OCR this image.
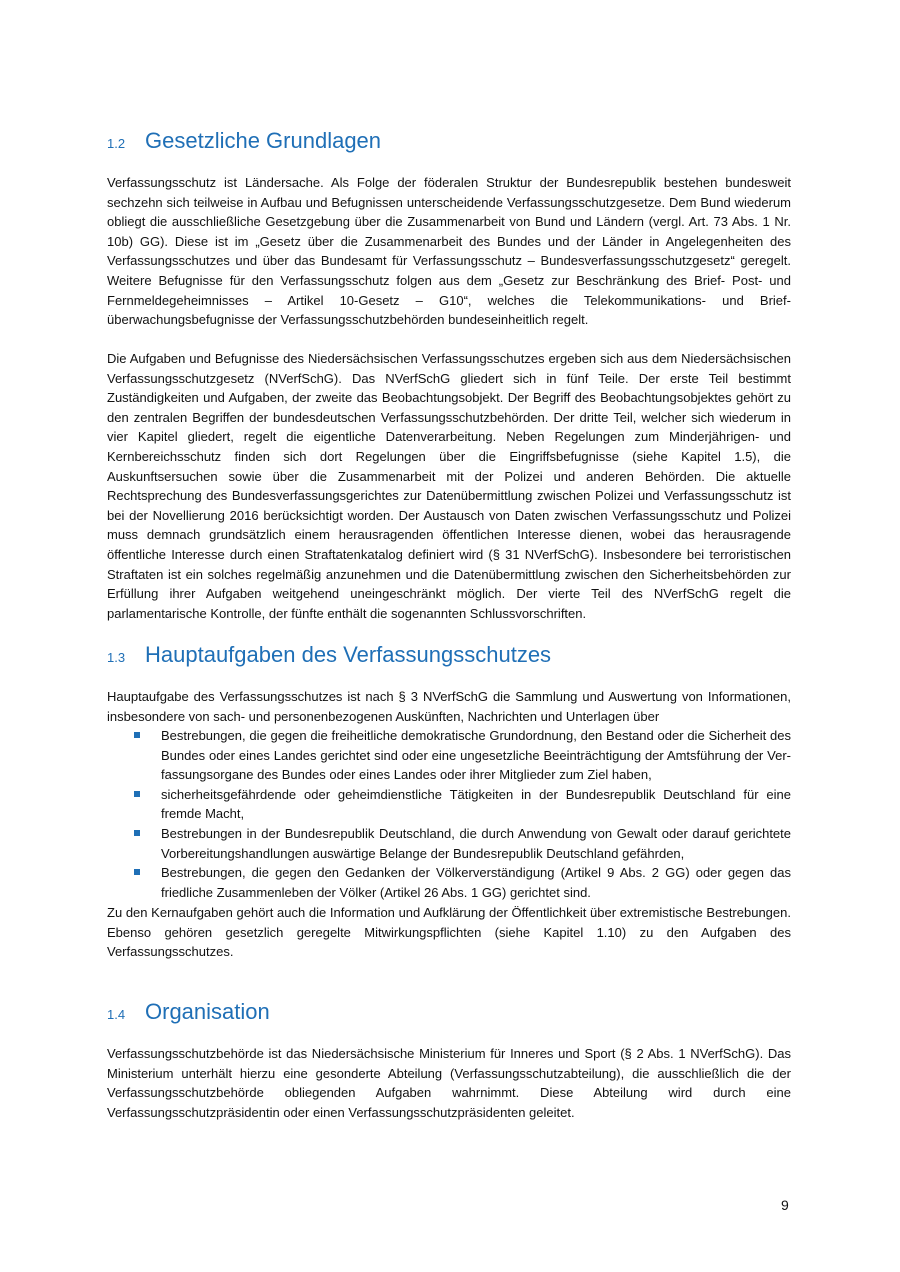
1.2 Gesetzliche Grundlagen

Verfassungsschutz ist Ländersache. Als Folge der föderalen Struktur der Bundesrepublik bestehen bundesweit sechzehn sich teilweise in Aufbau und Befugnissen unterscheidende Verfassungsschutzgesetze. Dem Bund wiederum obliegt die ausschließliche Gesetzgebung über die Zusammenarbeit von Bund und Ländern (vergl. Art. 73 Abs. 1 Nr. 10b) GG). Diese ist im „Gesetz über die Zusammenarbeit des Bundes und der Länder in Angelegenheiten des Verfassungsschutzes und über das Bundesamt für Verfassungsschutz – Bundesverfassungsschutzgesetz“ geregelt. Weitere Befugnisse für den Verfassungsschutz folgen aus dem „Gesetz zur Beschränkung des Brief- Post- und Fernmeldegeheimnisses – Artikel 10-Gesetz – G10“, welches die Telekommunikations- und Briefüberwachungsbefugnisse der Verfassungsschutzbehörden bundeseinheitlich regelt.

Die Aufgaben und Befugnisse des Niedersächsischen Verfassungsschutzes ergeben sich aus dem Niedersächsischen Verfassungsschutzgesetz (NVerfSchG). Das NVerfSchG gliedert sich in fünf Teile. Der erste Teil bestimmt Zuständigkeiten und Aufgaben, der zweite das Beobachtungsobjekt. Der Begriff des Beobachtungsobjektes gehört zu den zentralen Begriffen der bundesdeutschen Verfassungsschutzbehörden. Der dritte Teil, welcher sich wiederum in vier Kapitel gliedert, regelt die eigentliche Datenverarbeitung. Neben Regelungen zum Minderjährigen- und Kernbereichsschutz finden sich dort Regelungen über die Eingriffsbefugnisse (siehe Kapitel 1.5), die Auskunftsersuchen sowie über die Zusammenarbeit mit der Polizei und anderen Behörden. Die aktuelle Rechtsprechung des Bundesverfassungsgerichtes zur Datenübermittlung zwischen Polizei und Verfassungsschutz ist bei der Novellierung 2016 berücksichtigt worden. Der Austausch von Daten zwischen Verfassungsschutz und Polizei muss demnach grundsätzlich einem herausragenden öffentlichen Interesse dienen, wobei das herausragende öffentliche Interesse durch einen Straftatenkatalog definiert wird (§ 31 NVerfSchG). Insbesondere bei terroristischen Straftaten ist ein solches regelmäßig anzunehmen und die Datenübermittlung zwischen den Sicherheitsbehörden zur Erfüllung ihrer Aufgaben weitgehend uneingeschränkt möglich. Der vierte Teil des NVerfSchG regelt die parlamentarische Kontrolle, der fünfte enthält die sogenannten Schlussvorschriften.

1.3 Hauptaufgaben des Verfassungsschutzes

Hauptaufgabe des Verfassungsschutzes ist nach § 3 NVerfSchG die Sammlung und Auswertung von Informationen, insbesondere von sach- und personenbezogenen Auskünften, Nachrichten und Unterlagen über

Bestrebungen, die gegen die freiheitliche demokratische Grundordnung, den Bestand oder die Sicherheit des Bundes oder eines Landes gerichtet sind oder eine ungesetzliche Beeinträchtigung der Amtsführung der Verfassungsorgane des Bundes oder eines Landes oder ihrer Mitglieder zum Ziel haben,
sicherheitsgefährdende oder geheimdienstliche Tätigkeiten in der Bundesrepublik Deutschland für eine fremde Macht,
Bestrebungen in der Bundesrepublik Deutschland, die durch Anwendung von Gewalt oder darauf gerichtete Vorbereitungshandlungen auswärtige Belange der Bundesrepublik Deutschland gefährden,
Bestrebungen, die gegen den Gedanken der Völkerverständigung (Artikel 9 Abs. 2 GG) oder gegen das friedliche Zusammenleben der Völker (Artikel 26 Abs. 1 GG) gerichtet sind.

Zu den Kernaufgaben gehört auch die Information und Aufklärung der Öffentlichkeit über extremistische Bestrebungen. Ebenso gehören gesetzlich geregelte Mitwirkungspflichten (siehe Kapitel 1.10) zu den Aufgaben des Verfassungsschutzes.

1.4 Organisation

Verfassungsschutzbehörde ist das Niedersächsische Ministerium für Inneres und Sport (§ 2 Abs. 1 NVerfSchG). Das Ministerium unterhält hierzu eine gesonderte Abteilung (Verfassungsschutzabteilung), die ausschließlich die der Verfassungsschutzbehörde obliegenden Aufgaben wahrnimmt. Diese Abteilung wird durch eine Verfassungsschutzpräsidentin oder einen Verfassungsschutzpräsidenten geleitet.

9
